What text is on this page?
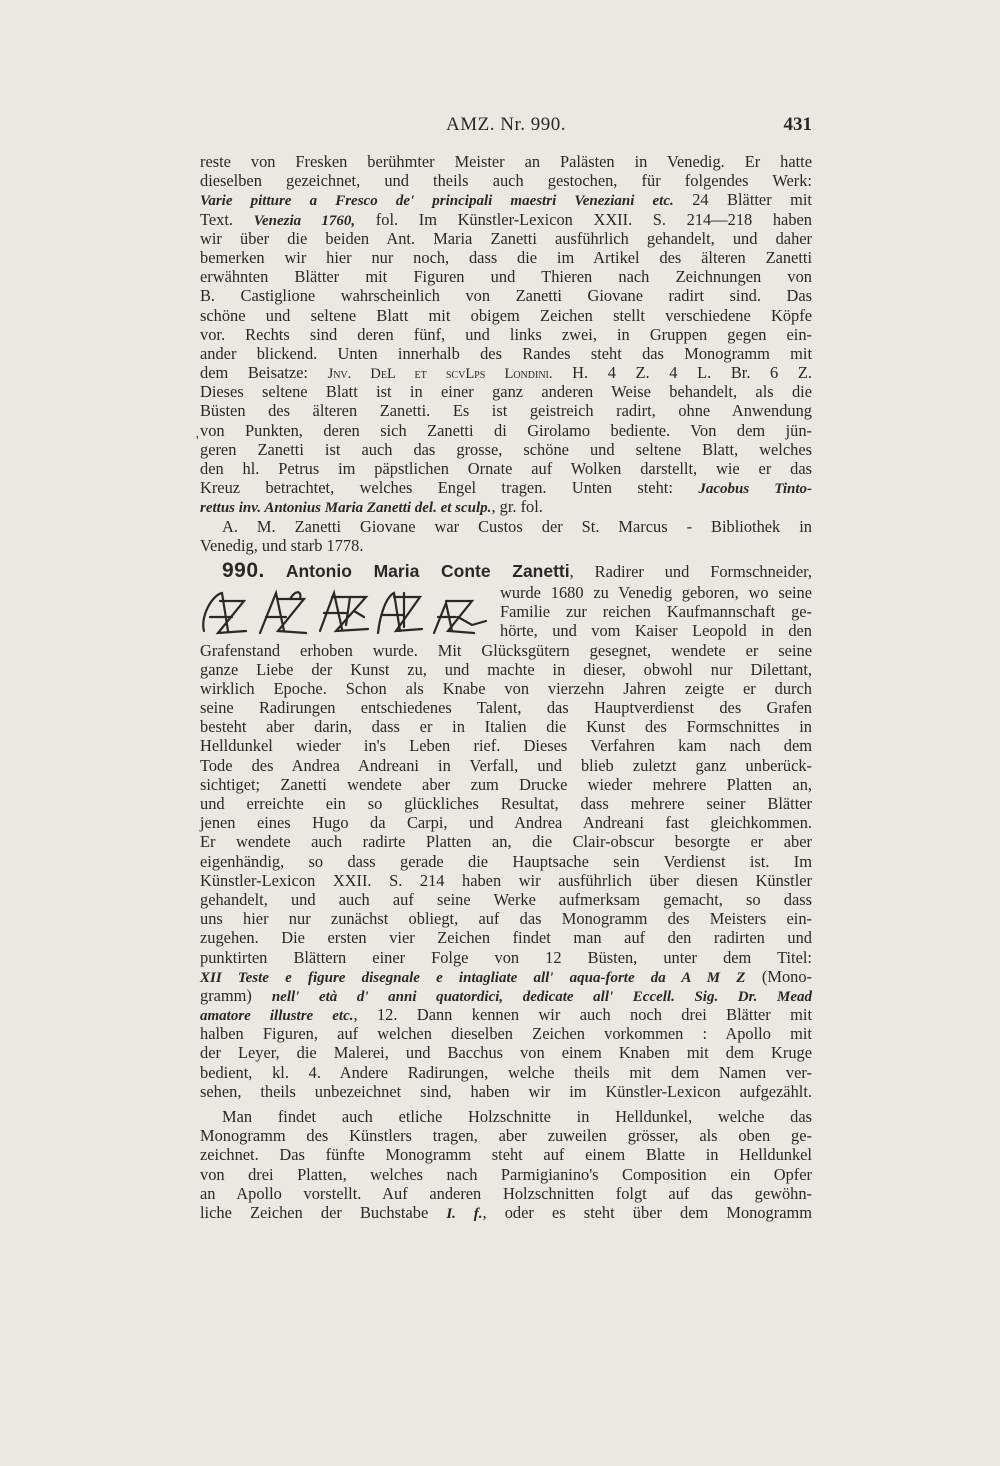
AMZ. Nr. 990.	431
'
reste von Fresken berühmter Meister an Palästen in Venedig. Er hatte
dieselben gezeichnet, und theils auch gestochen, für folgendes Werk:
Varie pitture a Fresco de' principali maestri Veneziani etc. 24 Blätter mit
Text. Venezia 1760, fol. Im Künstler-Lexicon XXII. S. 214—218 haben
wir über die beiden Ant. Maria Zanetti ausführlich gehandelt, und daher
bemerken wir hier nur noch, dass die im Artikel des älteren Zanetti
erwähnten Blätter mit Figuren und Thieren nach Zeichnungen von
B. Castiglione wahrscheinlich von Zanetti Giovane radirt sind. Das
schöne und seltene Blatt mit obigem Zeichen stellt verschiedene Köpfe
vor. Rechts sind deren fünf, und links zwei, in Gruppen gegen ein-
ander blickend. Unten innerhalb des Randes steht das Monogramm mit
dem Beisatze: Jnv. DeL et scvLps Londini. H. 4 Z. 4 L. Br. 6 Z.
Dieses seltene Blatt ist in einer ganz anderen Weise behandelt, als die
Büsten des älteren Zanetti. Es ist geistreich radirt, ohne Anwendung
von Punkten, deren sich Zanetti di Girolamo bediente. Von dem jün-
geren Zanetti ist auch das grosse, schöne und seltene Blatt, welches
den hl. Petrus im päpstlichen Ornate auf Wolken darstellt, wie er das
Kreuz betrachtet, welches Engel tragen. Unten steht: Jacobus Tinto-
rettus inv. Antonius Maria Zanetti del. et sculp., gr. fol.
A. M. Zanetti Giovane war Custos der St. Marcus - Bibliothek in
Venedig, und starb 1778.
990. Antonio Maria Conte Zanetti, Radirer und Formschneider,
wurde 1680 zu Venedig geboren, wo seine
Familie zur reichen Kaufmannschaft ge-
hörte, und vom Kaiser Leopold in den
Grafenstand erhoben wurde. Mit Glücksgütern gesegnet, wendete er seine
ganze Liebe der Kunst zu, und machte in dieser, obwohl nur Dilettant,
wirklich Epoche. Schon als Knabe von vierzehn Jahren zeigte er durch
seine Radirungen entschiedenes Talent, das Hauptverdienst des Grafen
besteht aber darin, dass er in Italien die Kunst des Formschnittes in
Helldunkel wieder in's Leben rief. Dieses Verfahren kam nach dem
Tode des Andrea Andreani in Verfall, und blieb zuletzt ganz unberück-
sichtiget; Zanetti wendete aber zum Drucke wieder mehrere Platten an,
und erreichte ein so glückliches Resultat, dass mehrere seiner Blätter
jenen eines Hugo da Carpi, und Andrea Andreani fast gleichkommen.
Er wendete auch radirte Platten an, die Clair-obscur besorgte er aber
eigenhändig, so dass gerade die Hauptsache sein Verdienst ist. Im
Künstler-Lexicon XXII. S. 214 haben wir ausführlich über diesen Künstler
gehandelt, und auch auf seine Werke aufmerksam gemacht, so dass
uns hier nur zunächst obliegt, auf das Monogramm des Meisters ein-
zugehen. Die ersten vier Zeichen findet man auf den radirten und
punktirten Blättern einer Folge von 12 Büsten, unter dem Titel:
XII Teste e figure disegnale e intagliate all' aqua-forte da A M Z (Mono-
gramm) nell' età d' anni quatordici, dedicate all' Eccell. Sig. Dr. Mead
amatore illustre etc., 12. Dann kennen wir auch noch drei Blätter mit
halben Figuren, auf welchen dieselben Zeichen vorkommen : Apollo mit
der Leyer, die Malerei, und Bacchus von einem Knaben mit dem Kruge
bedient, kl. 4. Andere Radirungen, welche theils mit dem Namen ver-
sehen, theils unbezeichnet sind, haben wir im Künstler-Lexicon aufgezählt.
Man findet auch etliche Holzschnitte in Helldunkel, welche das
Monogramm des Künstlers tragen, aber zuweilen grösser, als oben ge-
zeichnet. Das fünfte Monogramm steht auf einem Blatte in Helldunkel
von drei Platten, welches nach Parmigianino's Composition ein Opfer
an Apollo vorstellt. Auf anderen Holzschnitten folgt auf das gewöhn-
liche Zeichen der Buchstabe I. f., oder es steht über dem Monogramm
